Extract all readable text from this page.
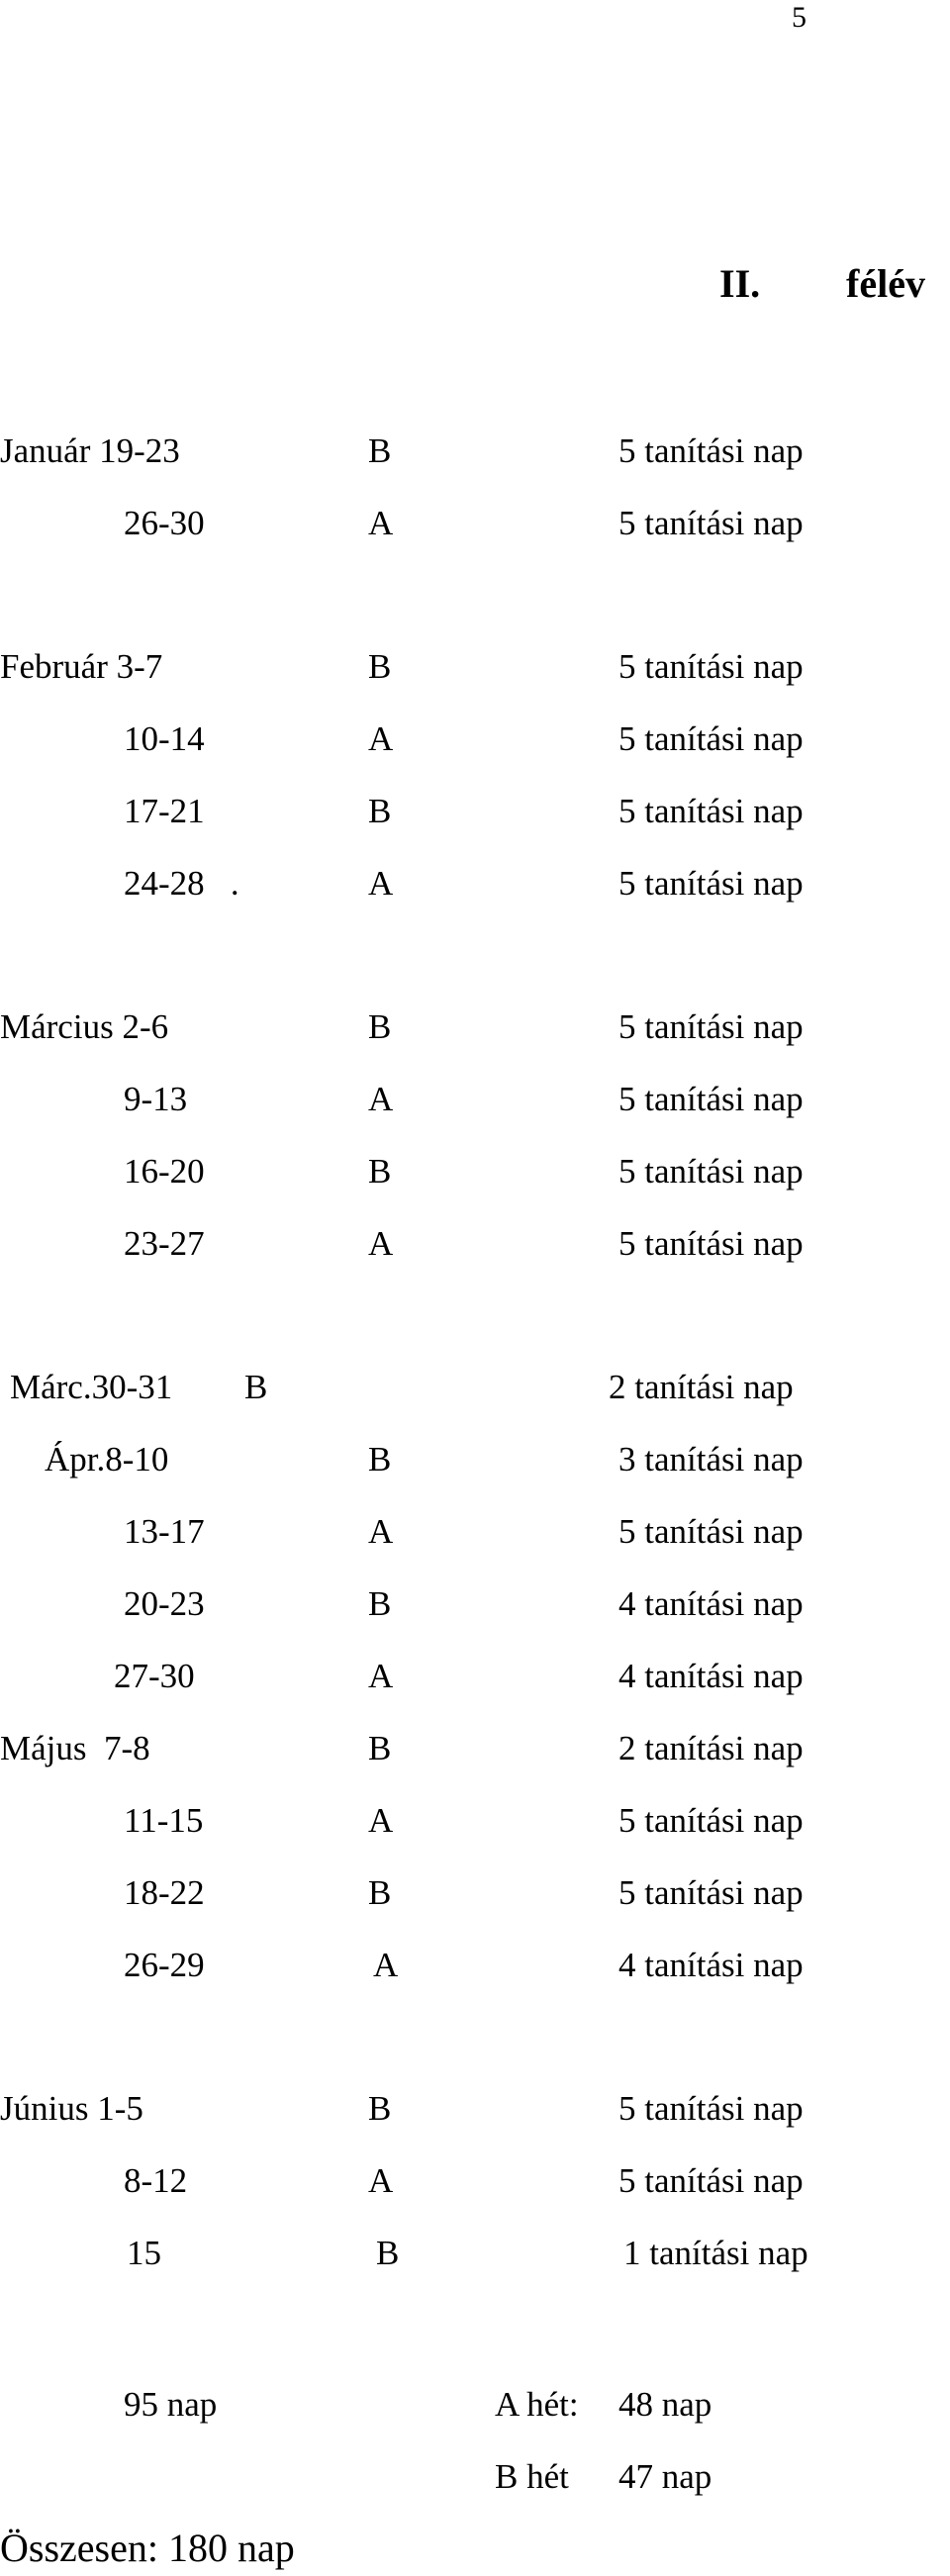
5
II. félév
Január 19-23	B	5 tanítási nap
26-30	A	5 tanítási nap
Február 3-7	B	5 tanítási nap
10-14	A	5 tanítási nap
17-21	B	5 tanítási nap
24-28   .	A	5 tanítási nap
Március 2-6	B	5 tanítási nap
9-13	A	5 tanítási nap
16-20	B	5 tanítási nap
23-27	A	5 tanítási nap
Márc.30-31 B	2 tanítási nap
Ápr.8-10	B	3 tanítási nap
13-17	A	5 tanítási nap
20-23	B	4 tanítási nap
27-30	A	4 tanítási nap
Május  7-8	B	2 tanítási nap
11-15	A	5 tanítási nap
18-22	B	5 tanítási nap
26-29	A	4 tanítási nap
Június 1-5	B	5 tanítási nap
8-12	A	5 tanítási nap
15	B	1 tanítási nap
95 nap	A hét: 48 nap
B hét 47 nap
Összesen: 180 nap
